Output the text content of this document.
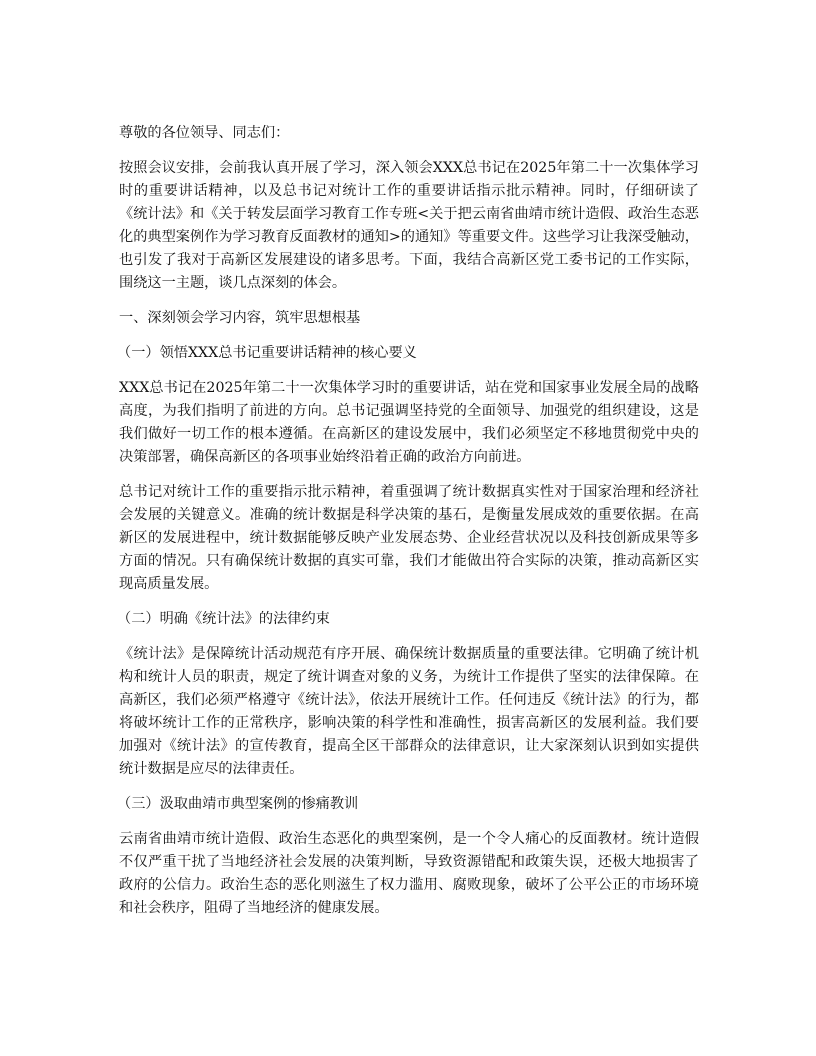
尊敬的各位领导、同志们：

按照会议安排，会前我认真开展了学习，深入领会XXX总书记在2025年第二十一次集体学习时的重要讲话精神，以及总书记对统计工作的重要讲话指示批示精神。同时，仔细研读了《统计法》和《关于转发层面学习教育工作专班<关于把云南省曲靖市统计造假、政治生态恶化的典型案例作为学习教育反面教材的通知>的通知》等重要文件。这些学习让我深受触动，也引发了我对于高新区发展建设的诸多思考。下面，我结合高新区党工委书记的工作实际，围绕这一主题，谈几点深刻的体会。

一、深刻领会学习内容，筑牢思想根基

（一）领悟XXX总书记重要讲话精神的核心要义

XXX总书记在2025年第二十一次集体学习时的重要讲话，站在党和国家事业发展全局的战略高度，为我们指明了前进的方向。总书记强调坚持党的全面领导、加强党的组织建设，这是我们做好一切工作的根本遵循。在高新区的建设发展中，我们必须坚定不移地贯彻党中央的决策部署，确保高新区的各项事业始终沿着正确的政治方向前进。

总书记对统计工作的重要指示批示精神，着重强调了统计数据真实性对于国家治理和经济社会发展的关键意义。准确的统计数据是科学决策的基石，是衡量发展成效的重要依据。在高新区的发展进程中，统计数据能够反映产业发展态势、企业经营状况以及科技创新成果等多方面的情况。只有确保统计数据的真实可靠，我们才能做出符合实际的决策，推动高新区实现高质量发展。

（二）明确《统计法》的法律约束

《统计法》是保障统计活动规范有序开展、确保统计数据质量的重要法律。它明确了统计机构和统计人员的职责，规定了统计调查对象的义务，为统计工作提供了坚实的法律保障。在高新区，我们必须严格遵守《统计法》，依法开展统计工作。任何违反《统计法》的行为，都将破坏统计工作的正常秩序，影响决策的科学性和准确性，损害高新区的发展利益。我们要加强对《统计法》的宣传教育，提高全区干部群众的法律意识，让大家深刻认识到如实提供统计数据是应尽的法律责任。

（三）汲取曲靖市典型案例的惨痛教训

云南省曲靖市统计造假、政治生态恶化的典型案例，是一个令人痛心的反面教材。统计造假不仅严重干扰了当地经济社会发展的决策判断，导致资源错配和政策失误，还极大地损害了政府的公信力。政治生态的恶化则滋生了权力滥用、腐败现象，破坏了公平公正的市场环境和社会秩序，阻碍了当地经济的健康发展。
